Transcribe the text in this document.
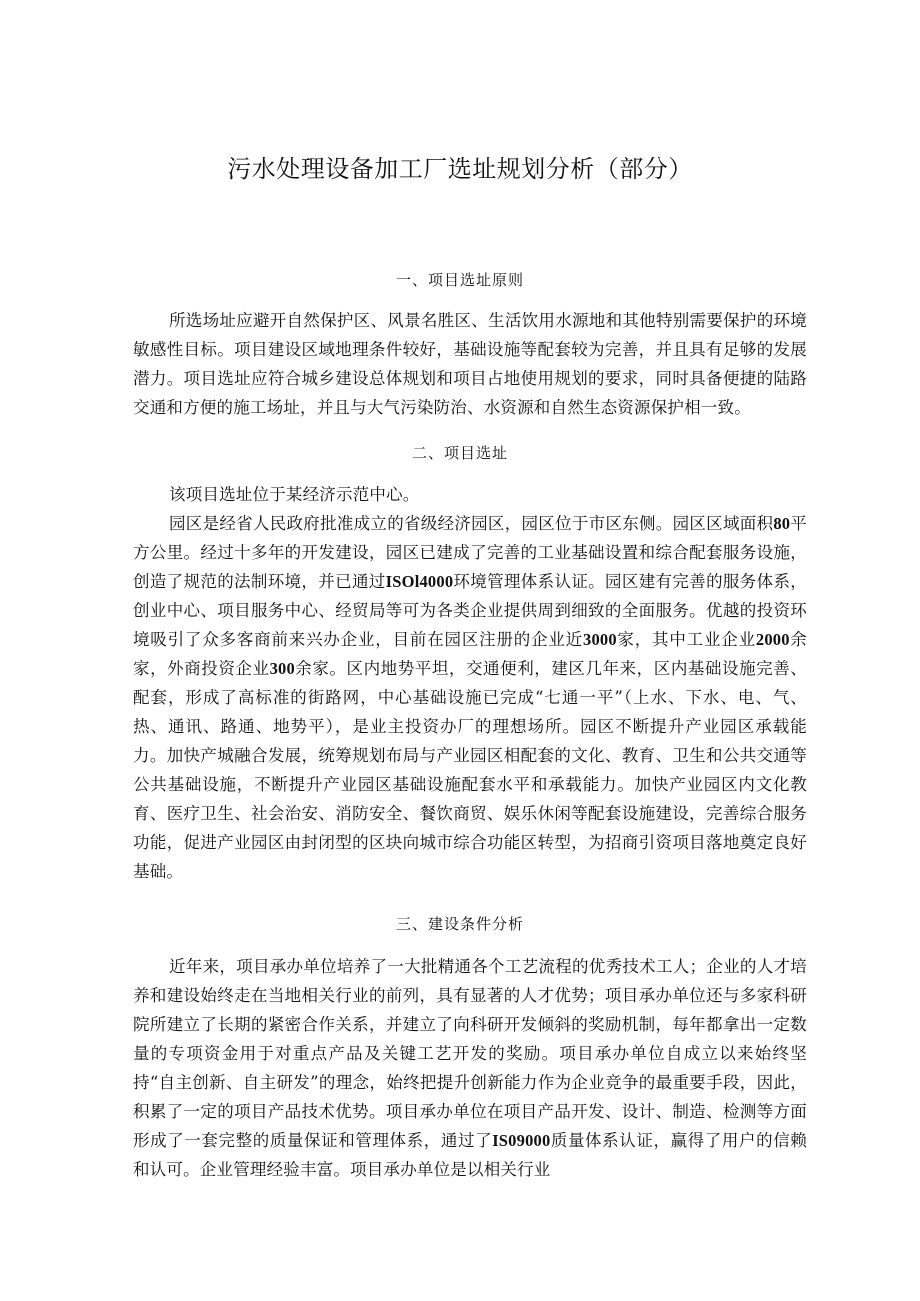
污水处理设备加工厂选址规划分析（部分）
一、项目选址原则

所选场址应避开自然保护区、风景名胜区、生活饮用水源地和其他特别需要保护的环境敏感性目标。项目建设区域地理条件较好，基础设施等配套较为完善，并且具有足够的发展潜力。项目选址应符合城乡建设总体规划和项目占地使用规划的要求，同时具备便捷的陆路交通和方便的施工场址，并且与大气污染防治、水资源和自然生态资源保护相一致。

二、项目选址

该项目选址位于某经济示范中心。

园区是经省人民政府批准成立的省级经济园区，园区位于市区东侧。园区区域面积80平方公里。经过十多年的开发建设，园区已建成了完善的工业基础设置和综合配套服务设施，创造了规范的法制环境，并已通过ISOl4000环境管理体系认证。园区建有完善的服务体系，创业中心、项目服务中心、经贸局等可为各类企业提供周到细致的全面服务。优越的投资环境吸引了众多客商前来兴办企业，目前在园区注册的企业近3000家，其中工业企业2000余家，外商投资企业300余家。区内地势平坦，交通便利，建区几年来，区内基础设施完善、配套，形成了高标准的街路网，中心基础设施已完成“七通一平”（上水、下水、电、气、热、通讯、路通、地势平），是业主投资办厂的理想场所。园区不断提升产业园区承载能力。加快产城融合发展，统筹规划布局与产业园区相配套的文化、教育、卫生和公共交通等公共基础设施，不断提升产业园区基础设施配套水平和承载能力。加快产业园区内文化教育、医疗卫生、社会治安、消防安全、餐饮商贸、娱乐休闲等配套设施建设，完善综合服务功能，促进产业园区由封闭型的区块向城市综合功能区转型，为招商引资项目落地奠定良好基础。

三、建设条件分析

近年来，项目承办单位培养了一大批精通各个工艺流程的优秀技术工人；企业的人才培养和建设始终走在当地相关行业的前列，具有显著的人才优势；项目承办单位还与多家科研院所建立了长期的紧密合作关系，并建立了向科研开发倾斜的奖励机制，每年都拿出一定数量的专项资金用于对重点产品及关键工艺开发的奖励。项目承办单位自成立以来始终坚持“自主创新、自主研发”的理念，始终把提升创新能力作为企业竞争的最重要手段，因此，积累了一定的项目产品技术优势。项目承办单位在项目产品开发、设计、制造、检测等方面形成了一套完整的质量保证和管理体系，通过了IS09000质量体系认证，赢得了用户的信赖和认可。企业管理经验丰富。项目承办单位是以相关行业
